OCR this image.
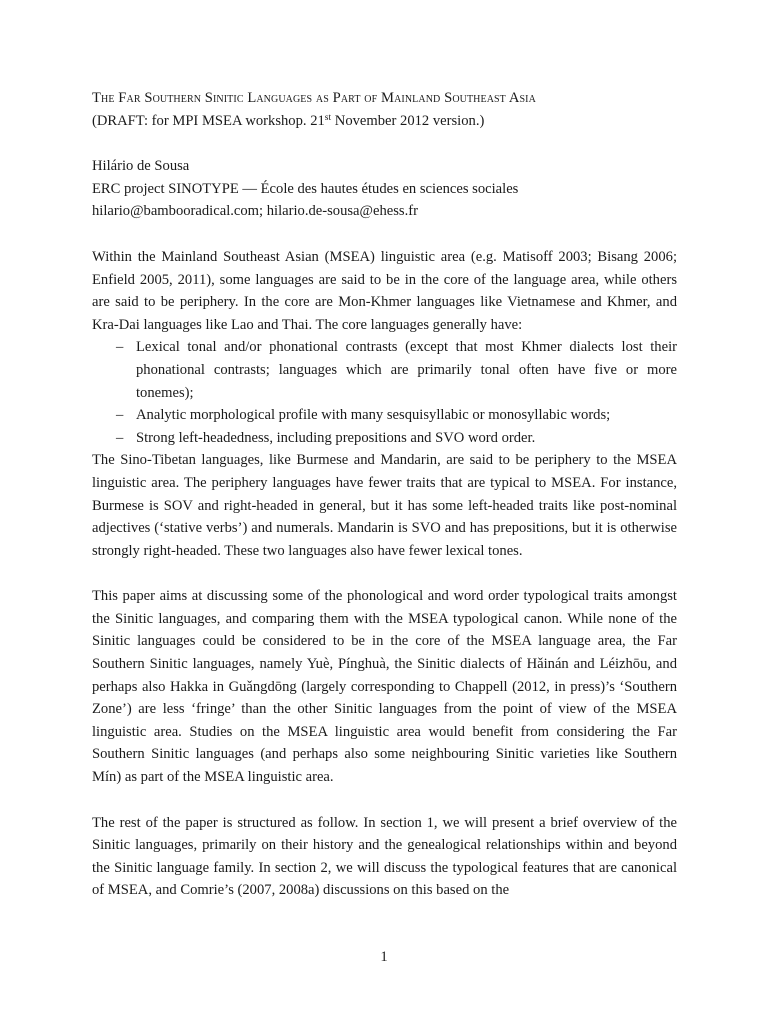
The Far Southern Sinitic Languages as Part of Mainland Southeast Asia

(DRAFT: for MPI MSEA workshop. 21st November 2012 version.)

Hilário de Sousa

ERC project SINOTYPE — École des hautes études en sciences sociales

hilario@bambooradical.com; hilario.de-sousa@ehess.fr

Within the Mainland Southeast Asian (MSEA) linguistic area (e.g. Matisoff 2003; Bisang 2006; Enfield 2005, 2011), some languages are said to be in the core of the language area, while others are said to be periphery. In the core are Mon-Khmer languages like Vietnamese and Khmer, and Kra-Dai languages like Lao and Thai. The core languages generally have:

– Lexical tonal and/or phonational contrasts (except that most Khmer dialects lost their phonational contrasts; languages which are primarily tonal often have five or more tonemes);
– Analytic morphological profile with many sesquisyllabic or monosyllabic words;
– Strong left-headedness, including prepositions and SVO word order.

The Sino-Tibetan languages, like Burmese and Mandarin, are said to be periphery to the MSEA linguistic area. The periphery languages have fewer traits that are typical to MSEA. For instance, Burmese is SOV and right-headed in general, but it has some left-headed traits like post-nominal adjectives (‘stative verbs’) and numerals. Mandarin is SVO and has prepositions, but it is otherwise strongly right-headed. These two languages also have fewer lexical tones.

This paper aims at discussing some of the phonological and word order typological traits amongst the Sinitic languages, and comparing them with the MSEA typological canon. While none of the Sinitic languages could be considered to be in the core of the MSEA language area, the Far Southern Sinitic languages, namely Yuè, Pínghuà, the Sinitic dialects of Hǎinán and Léizhōu, and perhaps also Hakka in Guǎngdōng (largely corresponding to Chappell (2012, in press)’s ‘Southern Zone’) are less ‘fringe’ than the other Sinitic languages from the point of view of the MSEA linguistic area. Studies on the MSEA linguistic area would benefit from considering the Far Southern Sinitic languages (and perhaps also some neighbouring Sinitic varieties like Southern Mín) as part of the MSEA linguistic area.

The rest of the paper is structured as follow. In section 1, we will present a brief overview of the Sinitic languages, primarily on their history and the genealogical relationships within and beyond the Sinitic language family. In section 2, we will discuss the typological features that are canonical of MSEA, and Comrie’s (2007, 2008a) discussions on this based on the

1
